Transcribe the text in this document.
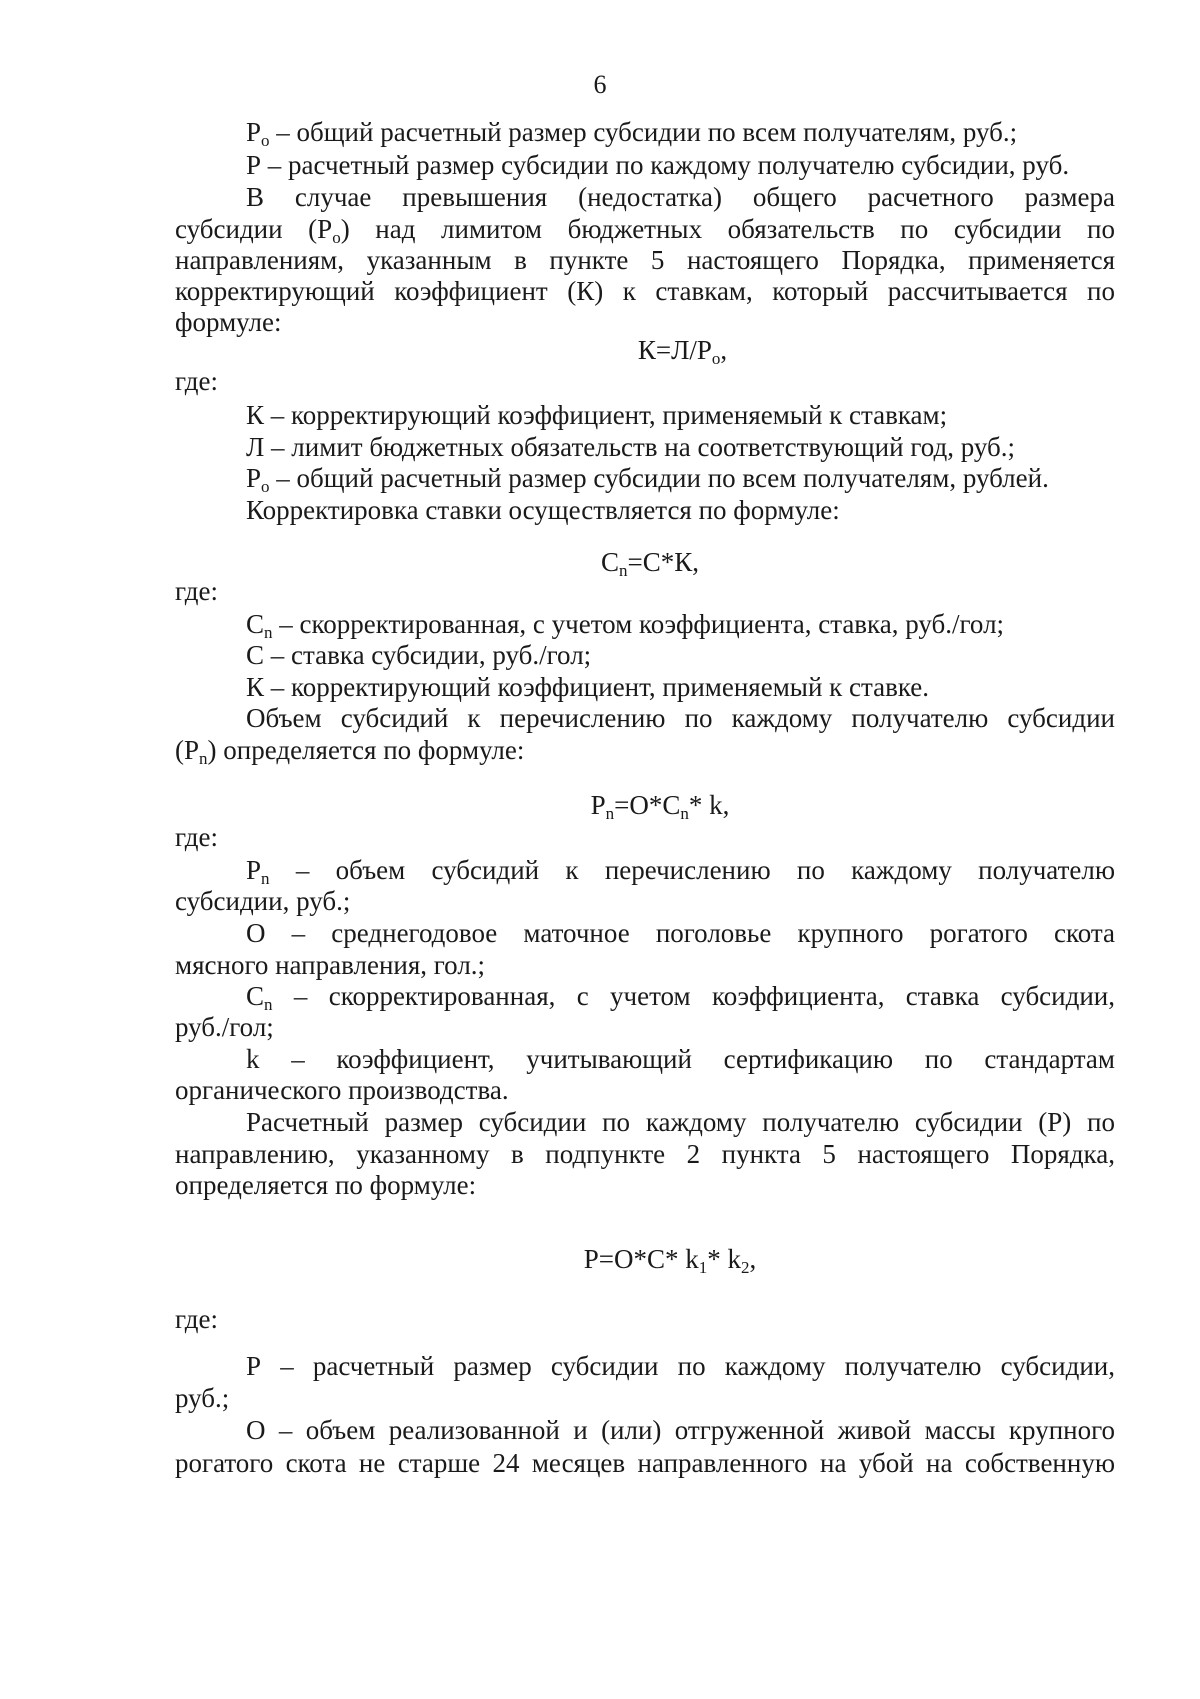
6
$Р_о$ – общий расчетный размер субсидии по всем получателям, руб.;
Р – расчетный размер субсидии по каждому получателю субсидии, руб.
В случае превышения (недостатка) общего расчетного размера
субсидии $(Р_о)$ над лимитом бюджетных обязательств по субсидии по
направлениям, указанным в пункте 5 настоящего Порядка, применяется
корректирующий коэффициент (К) к ставкам, который рассчитывается по
формуле:
$К=Л/Р_о$,
где:
К – корректирующий коэффициент, применяемый к ставкам;
Л – лимит бюджетных обязательств на соответствующий год, руб.;
$Р_о$ – общий расчетный размер субсидии по всем получателям, рублей.
Корректировка ставки осуществляется по формуле:
$С_n=С*К$,
где:
$С_n$ – скорректированная, с учетом коэффициента, ставка, руб./гол;
С – ставка субсидии, руб./гол;
К – корректирующий коэффициент, применяемый к ставке.
Объем субсидий к перечислению по каждому получателю субсидии
$(Р_n)$ определяется по формуле:
$Р_n=О*С_n*$ k,
где:
$Р_n$ – объем субсидий к перечислению по каждому получателю
субсидии, руб.;
О – среднегодовое маточное поголовье крупного рогатого скота
мясного направления, гол.;
$С_n$ – скорректированная, с учетом коэффициента, ставка субсидии,
руб./гол;
k – коэффициент, учитывающий сертификацию по стандартам
органического производства.
Расчетный размер субсидии по каждому получателю субсидии (Р) по
направлению, указанному в подпункте 2 пункта 5 настоящего Порядка,
определяется по формуле:
Р=О*С* $k_1*$ $k_2$,
где:
Р – расчетный размер субсидии по каждому получателю субсидии,
руб.;
О – объем реализованной и (или) отгруженной живой массы крупного
рогатого скота не старше 24 месяцев направленного на убой на собственную
